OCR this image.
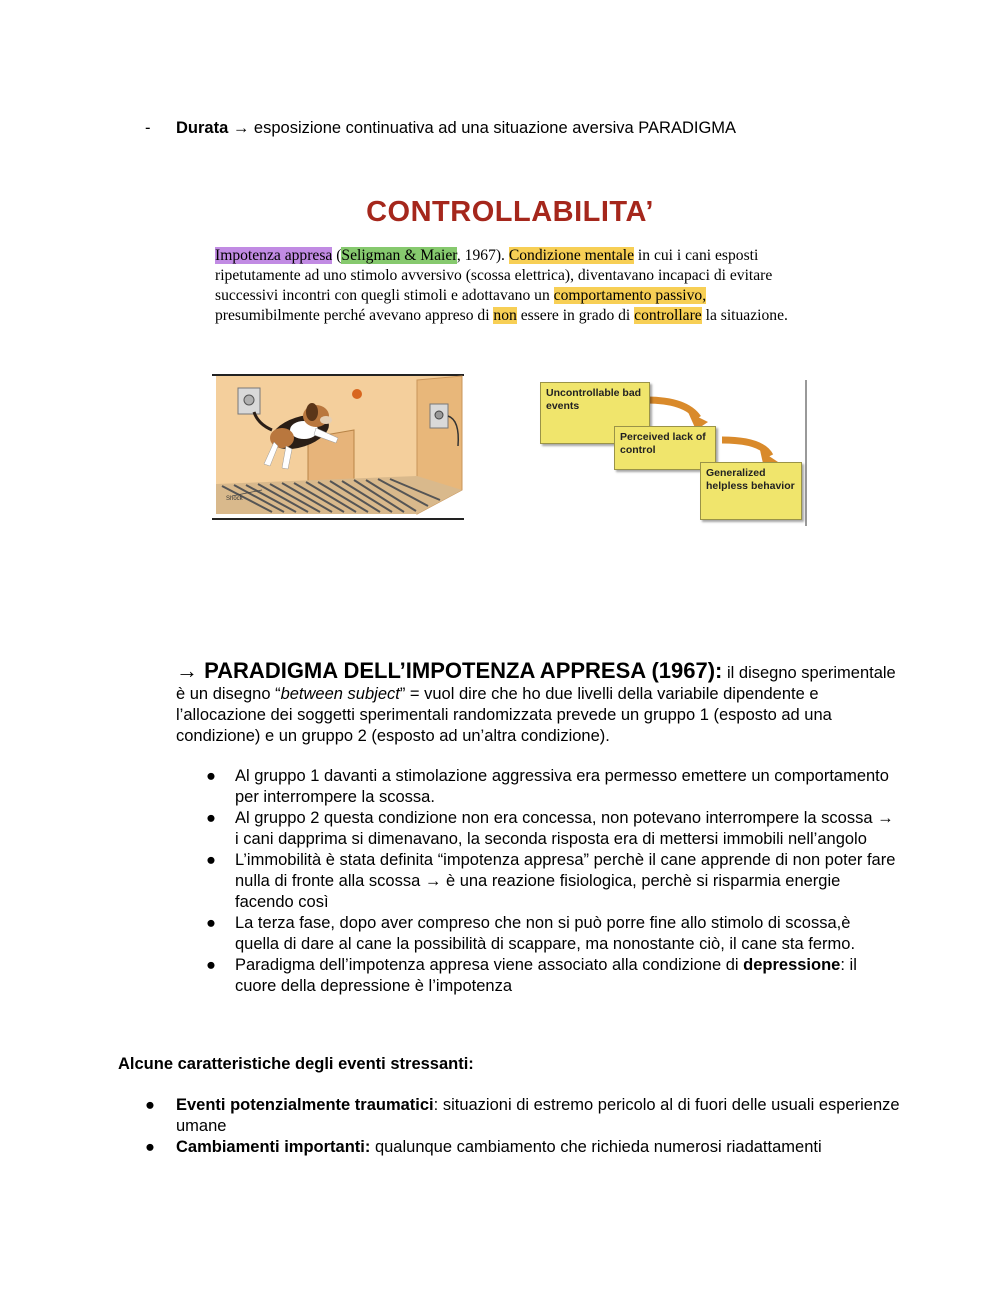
- Durata → esposizione continuativa ad una situazione aversiva PARADIGMA
CONTROLLABILITA’
Impotenza appresa (Seligman & Maier, 1967). Condizione mentale in cui i cani esposti ripetutamente ad uno stimolo avversivo (scossa elettrica), diventavano incapaci di evitare successivi incontri con quegli stimoli e adottavano un comportamento passivo, presumibilmente perché avevano appreso di non essere in grado di controllare la situazione.
Shock
Uncontrollable bad events
Perceived lack of control
Generalized helpless behavior
→ PARADIGMA DELL’IMPOTENZA APPRESA (1967): il disegno sperimentale è un disegno “between subject” = vuol dire che ho due livelli della variabile dipendente e l’allocazione dei soggetti sperimentali randomizzata prevede un gruppo 1 (esposto ad una condizione) e un gruppo 2 (esposto ad un’altra condizione).
● Al gruppo 1 davanti a stimolazione aggressiva era permesso emettere un comportamento per interrompere la scossa.
● Al gruppo 2 questa condizione non era concessa, non potevano interrompere la scossa → i cani dapprima si dimenavano, la seconda risposta era di mettersi immobili nell’angolo
● L’immobilità è stata definita “impotenza appresa” perchè il cane apprende di non poter fare nulla di fronte alla scossa → è una reazione fisiologica, perchè si risparmia energie facendo così
● La terza fase, dopo aver compreso che non si può porre fine allo stimolo di scossa,è quella di dare al cane la possibilità di scappare, ma nonostante ciò, il cane sta fermo.
● Paradigma dell’impotenza appresa viene associato alla condizione di depressione: il cuore della depressione è l’impotenza
Alcune caratteristiche degli eventi stressanti:
● Eventi potenzialmente traumatici: situazioni di estremo pericolo al di fuori delle usuali esperienze umane
● Cambiamenti importanti: qualunque cambiamento che richieda numerosi riadattamenti
